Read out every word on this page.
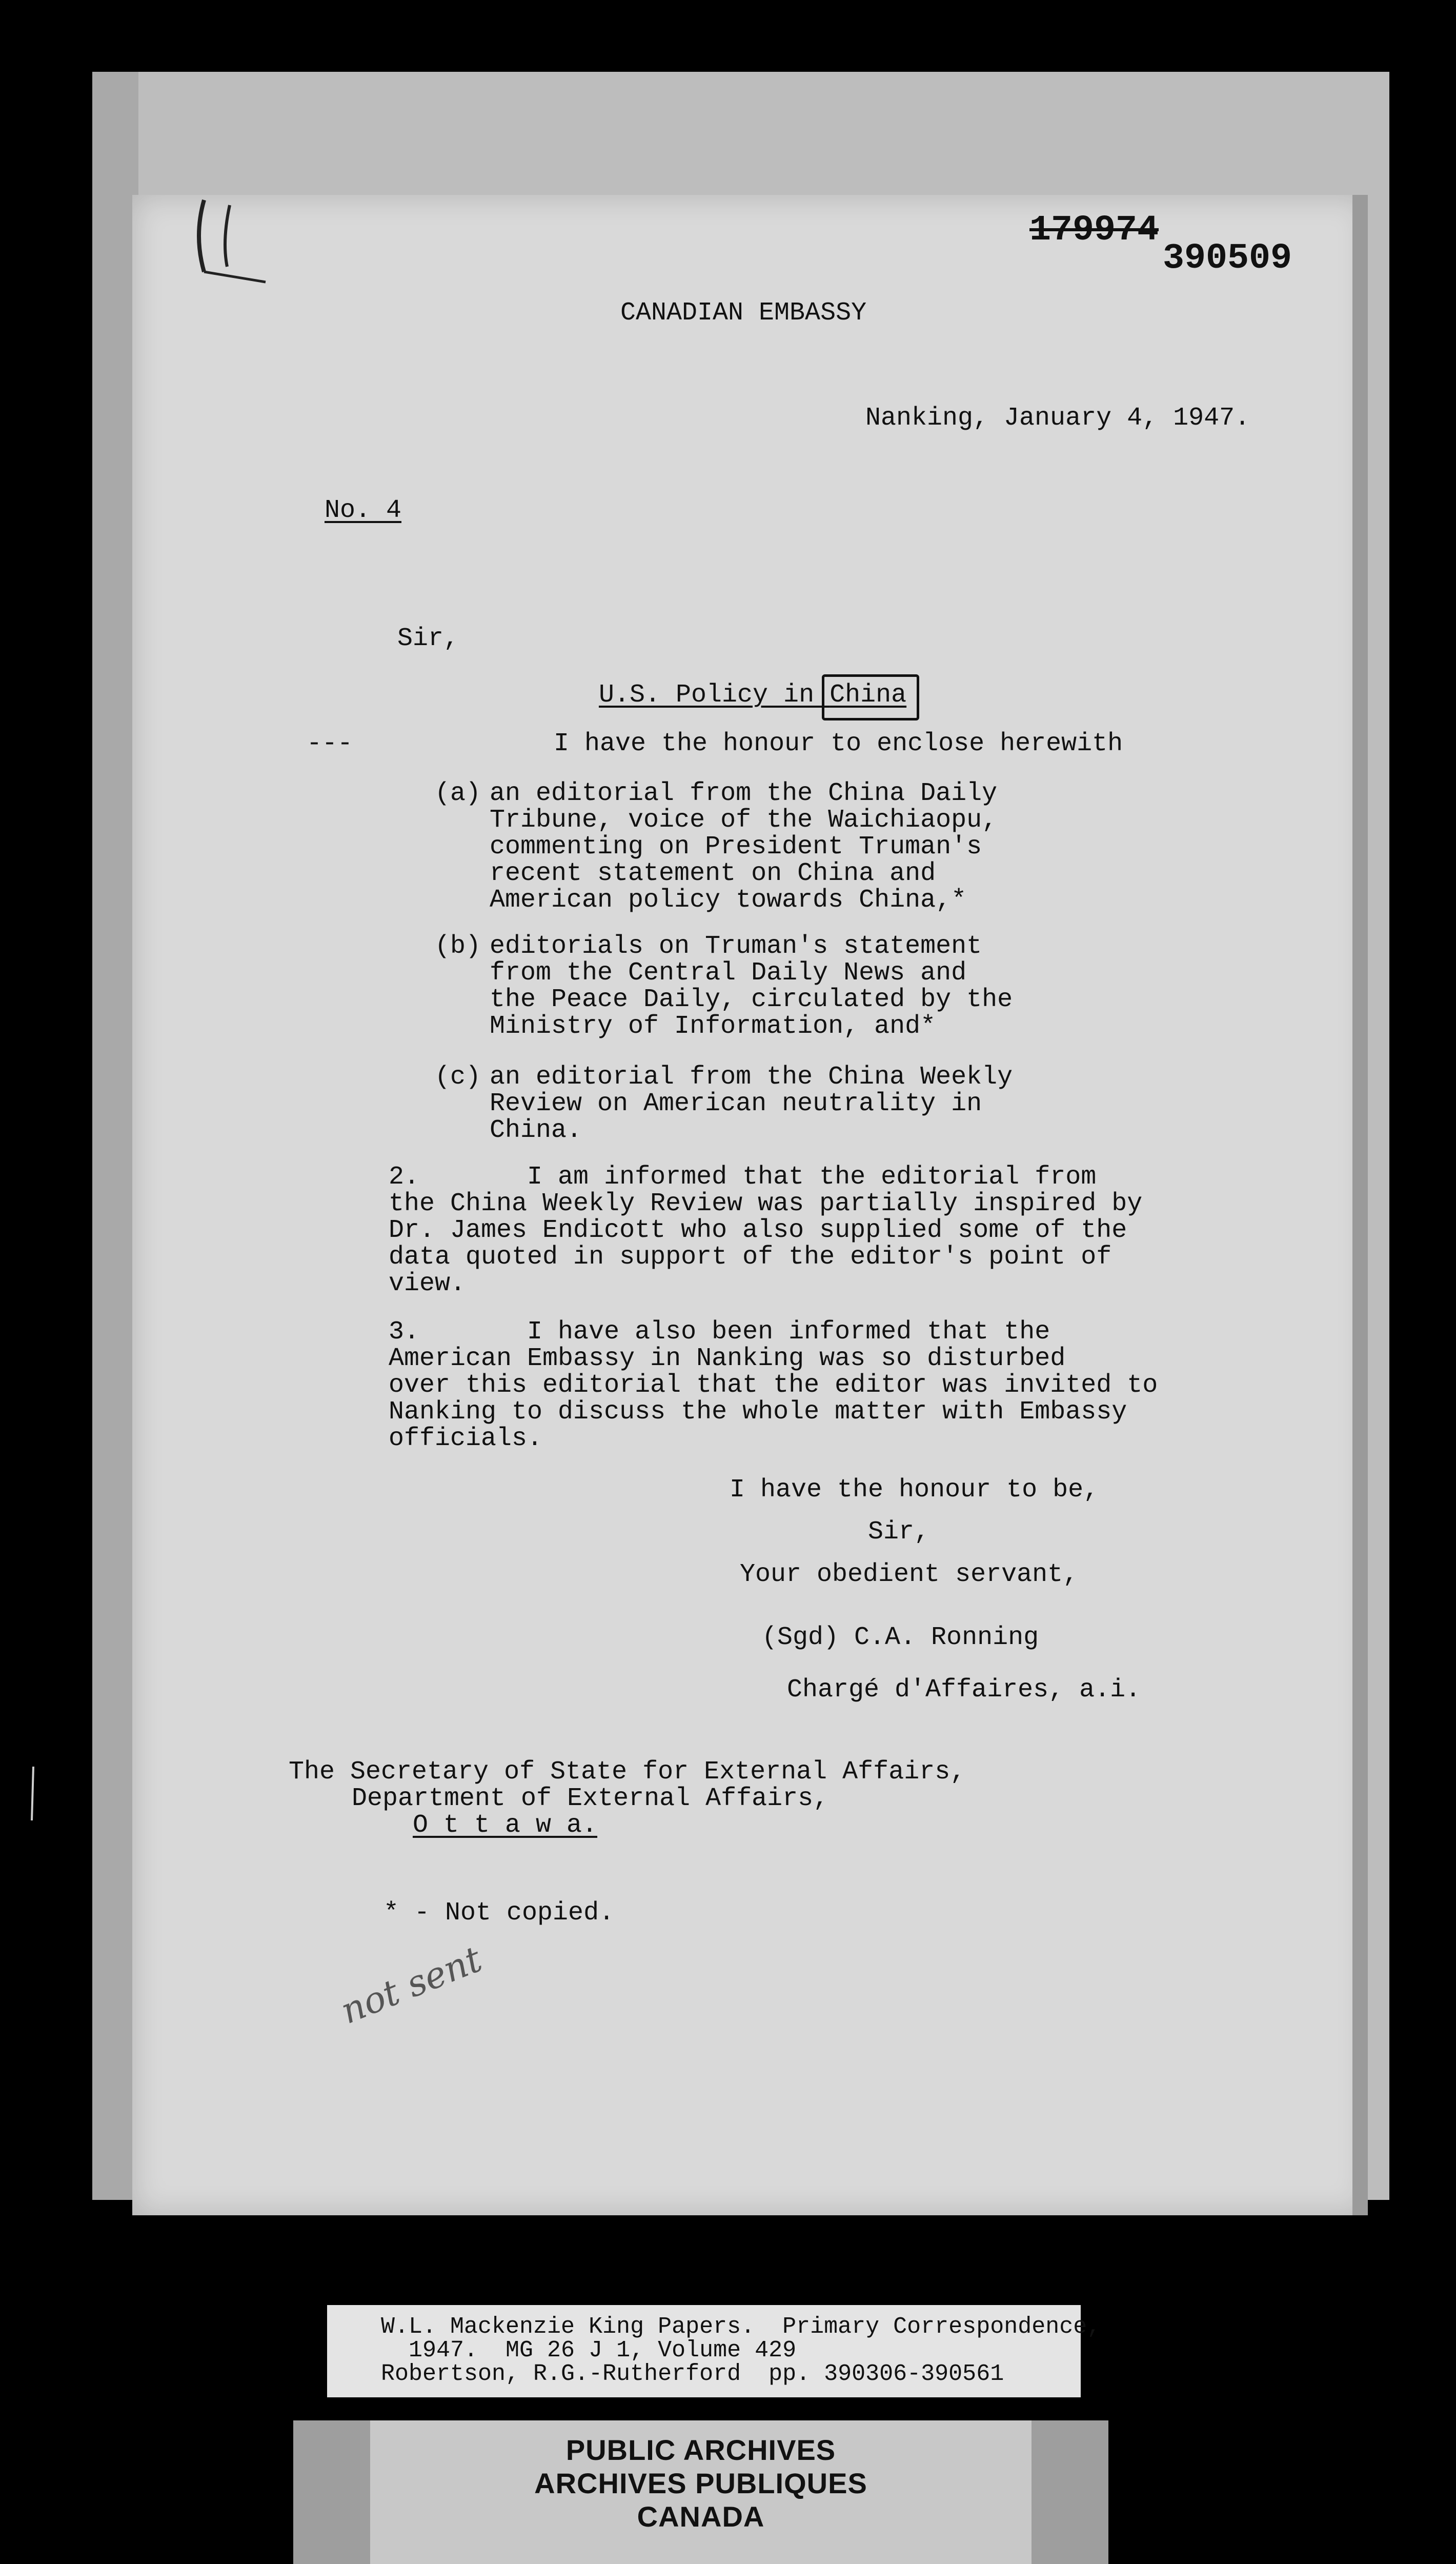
179974
390509
CANADIAN EMBASSY
Nanking, January 4, 1947.
No. 4
Sir,
U.S. Policy in China
---	I have the honour to enclose herewith
(a) an editorial from the China Daily
Tribune, voice of the Waichiaopu,
commenting on President Truman's
recent statement on China and
American policy towards China,*
(b) editorials on Truman's statement
from the Central Daily News and
the Peace Daily, circulated by the
Ministry of Information, and*
(c) an editorial from the China Weekly
Review on American neutrality in
China.
2.       I am informed that the editorial from
the China Weekly Review was partially inspired by
Dr. James Endicott who also supplied some of the
data quoted in support of the editor's point of
view.
3.       I have also been informed that the
American Embassy in Nanking was so disturbed
over this editorial that the editor was invited to
Nanking to discuss the whole matter with Embassy
officials.
I have the honour to be,
Sir,
Your obedient servant,
(Sgd) C.A. Ronning
Chargé d'Affaires, a.i.
The Secretary of State for External Affairs,
Department of External Affairs,
O t t a w a.
* - Not copied.
not sent
W.L. Mackenzie King Papers.  Primary Correspondence,
1947.  MG 26 J 1, Volume 429
Robertson, R.G.-Rutherford  pp. 390306-390561
PUBLIC ARCHIVES
ARCHIVES PUBLIQUES
CANADA
